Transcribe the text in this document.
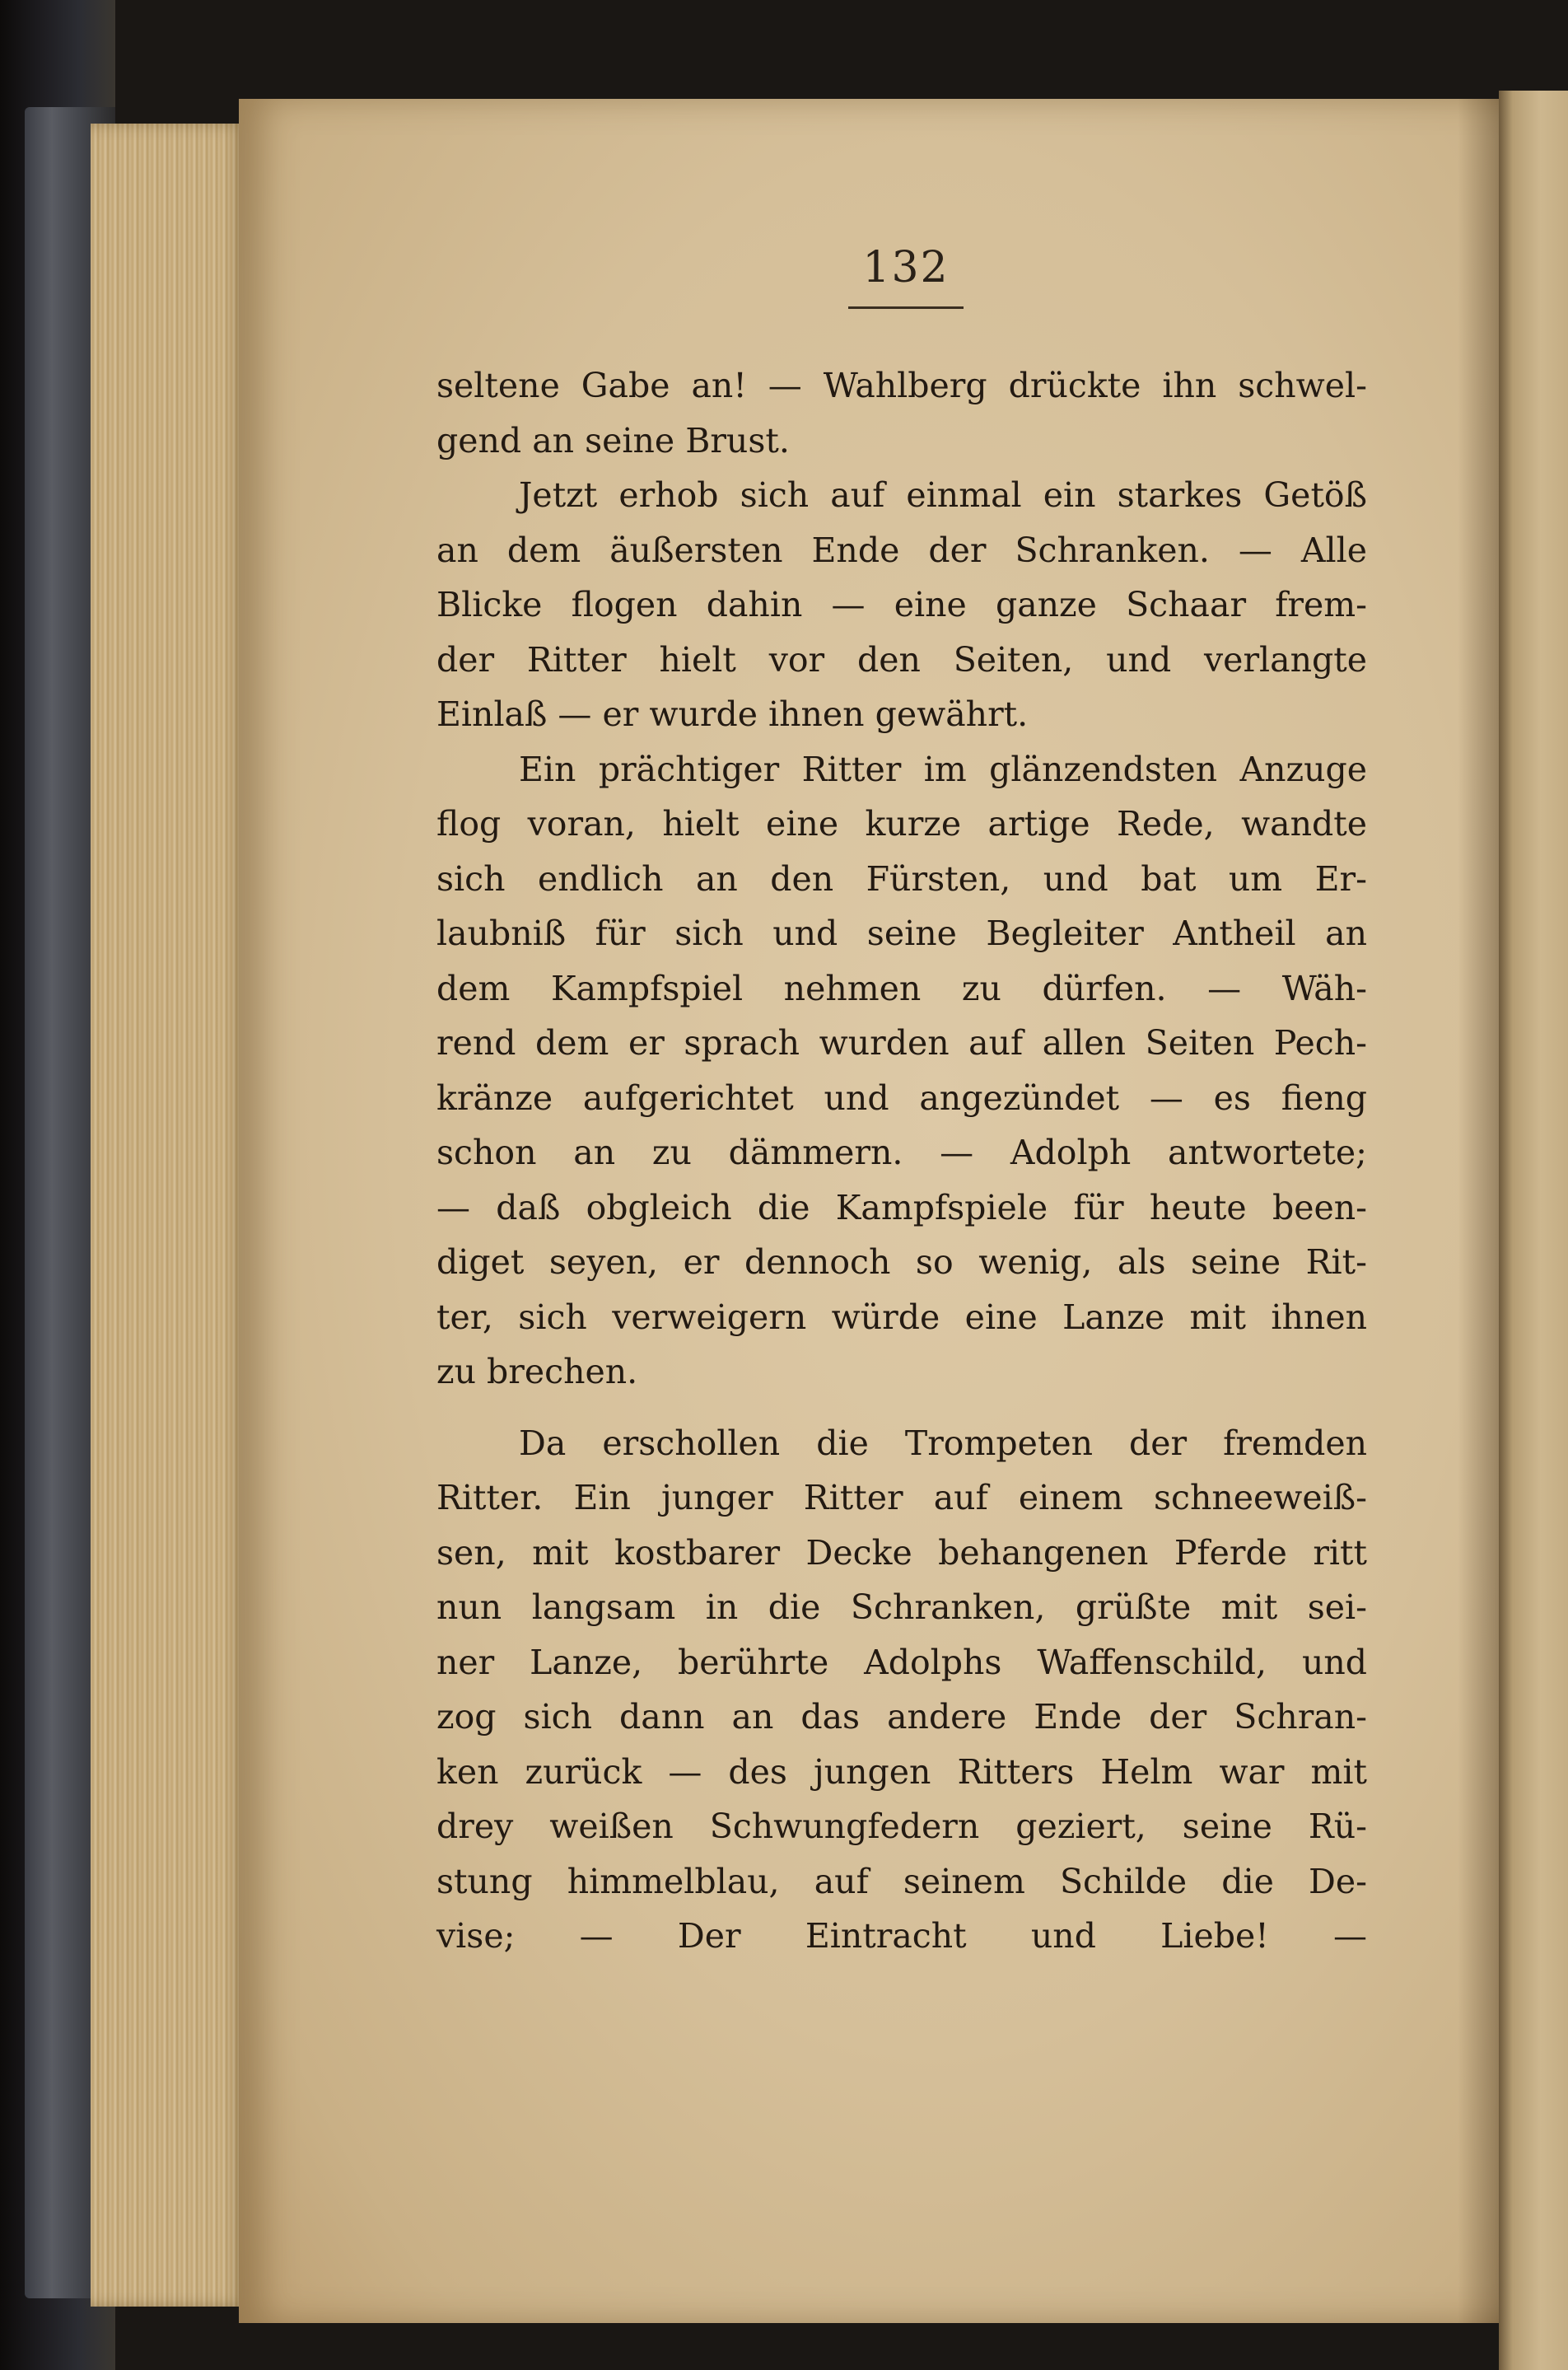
132
seltene Gabe an! — Wahlberg drückte ihn schwel-
gend an seine Brust.
Jetzt erhob sich auf einmal ein starkes Getöß
an dem äußersten Ende der Schranken. — Alle
Blicke flogen dahin — eine ganze Schaar frem-
der Ritter hielt vor den Seiten, und verlangte
Einlaß — er wurde ihnen gewährt.
Ein prächtiger Ritter im glänzendsten Anzuge
flog voran, hielt eine kurze artige Rede, wandte
sich endlich an den Fürsten, und bat um Er-
laubniß für sich und seine Begleiter Antheil an
dem Kampfspiel nehmen zu dürfen. — Wäh-
rend dem er sprach wurden auf allen Seiten Pech-
kränze aufgerichtet und angezündet — es fieng
schon an zu dämmern. — Adolph antwortete;
— daß obgleich die Kampfspiele für heute been-
diget seyen, er dennoch so wenig, als seine Rit-
ter, sich verweigern würde eine Lanze mit ihnen
zu brechen.
Da erschollen die Trompeten der fremden
Ritter. Ein junger Ritter auf einem schneeweiß-
sen, mit kostbarer Decke behangenen Pferde ritt
nun langsam in die Schranken, grüßte mit sei-
ner Lanze, berührte Adolphs Waffenschild, und
zog sich dann an das andere Ende der Schran-
ken zurück — des jungen Ritters Helm war mit
drey weißen Schwungfedern geziert, seine Rü-
stung himmelblau, auf seinem Schilde die De-
vise; — Der Eintracht und Liebe! —
